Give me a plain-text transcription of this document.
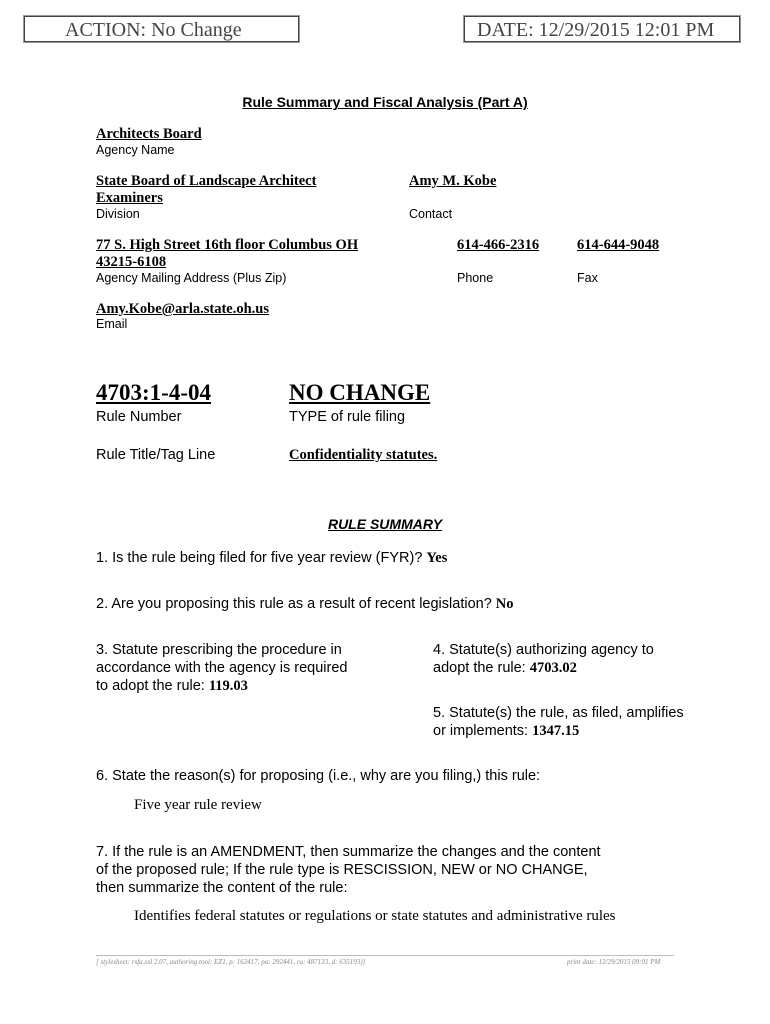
ACTION: No Change	DATE: 12/29/2015 12:01 PM
Rule Summary and Fiscal Analysis (Part A)
Architects Board
Agency Name
State Board of Landscape Architect
Examiners
Division
Amy M. Kobe
Contact
77 S. High Street 16th floor Columbus OH
43215-6108
Agency Mailing Address (Plus Zip)
614-466-2316
Phone
614-644-9048
Fax
Amy.Kobe@arla.state.oh.us
Email
4703:1-4-04
Rule Number
NO CHANGE
TYPE of rule filing
Rule Title/Tag Line	Confidentiality statutes.
RULE SUMMARY
1. Is the rule being filed for five year review (FYR)? Yes
2. Are you proposing this rule as a result of recent legislation? No
3. Statute prescribing the procedure in
accordance with the agency is required
to adopt the rule: 119.03
4. Statute(s) authorizing agency to
adopt the rule: 4703.02
5. Statute(s) the rule, as filed, amplifies
or implements: 1347.15
6. State the reason(s) for proposing (i.e., why are you filing,) this rule:
Five year rule review
7. If the rule is an AMENDMENT, then summarize the changes and the content
of the proposed rule; If the rule type is RESCISSION, NEW or NO CHANGE,
then summarize the content of the rule:
Identifies federal statutes or regulations or state statutes and administrative rules
[ stylesheet: rsfa.xsl 2.07, authoring tool: EZ1, p: 162417, pa: 292441, ra: 487133, d: 635193)]	print date: 12/29/2015 09:01 PM
